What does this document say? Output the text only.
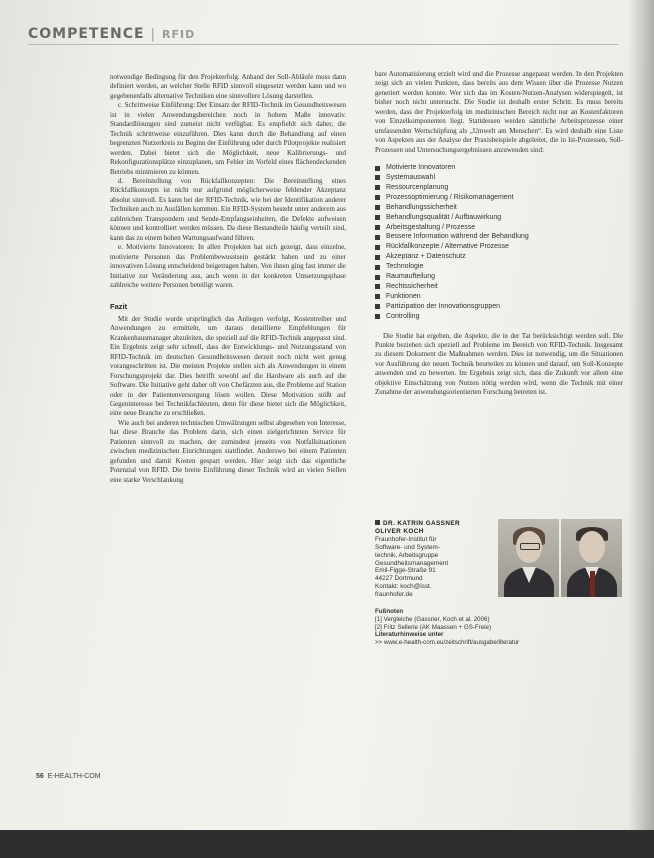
COMPETENCE | RFID

notwendige Bedingung für den Projekterfolg. Anhand der Soll-Abläufe muss dann definiert werden, an welcher Stelle RFID sinnvoll eingesetzt werden kann und wo gegebenenfalls alternative Techniken eine sinnvollere Lösung darstellen.

c. Schrittweise Einführung: Der Einsatz der RFID-Technik im Gesundheitswesen ist in vielen Anwendungsbereichen noch in hohem Maße innovativ. Standardlösungen sind zumeist nicht verfügbar. Es empfiehlt sich daher, die Technik schrittweise einzuführen. Dies kann durch die Behandlung auf einen begrenzten Nutzerkreis zu Beginn der Einführung oder durch Pilotprojekte realisiert werden. Dabei bietet sich die Möglichkeit, neue Kalibrierungs- und Rekonfigurationsplätze einzuplanen, um Fehler im Vorfeld eines flächendeckenden Betriebs minimieren zu können.

d. Bereitstellung von Rückfallkonzepten: Die Bereitstellung eines Rückfallkonzepts ist nicht nur aufgrund möglicherweise fehlender Akzeptanz absolut sinnvoll. Es kann bei der RFID-Technik, wie bei der Identifikation anderer Techniken auch zu Ausfällen kommen. Ein RFID-System besteht unter anderem aus zahlreichen Transpondern und Sende-Empfangseinheiten, die Defekte aufweisen können und kontrolliert werden müssen. Da diese Bestandteile häufig verteilt sind, kann das zu einem hohen Wartungsaufwand führen.

e. Motivierte Innovatoren: In allen Projekten hat sich gezeigt, dass einzelne, motivierte Personen das Problembewusstsein gestärkt haben und zu einer innovativen Lösung entscheidend beigetragen haben. Von ihnen ging fast immer die Initiative zur Veränderung aus, auch wenn in der konkreten Umsetzungsphase zahlreiche weitere Personen beteiligt waren.

Fazit

Mit der Studie wurde ursprünglich das Anliegen verfolgt, Kostentreiber und Anwendungen zu ermitteln, um daraus detaillierte Empfehlungen für Krankenhausmanager abzuleiten, die speziell auf die RFID-Technik angepasst sind. Ein Ergebnis zeigt sehr schnell, dass der Entwicklungs- und Nutzungsstand von RFID-Technik im deutschen Gesundheitswesen derzeit noch nicht weit genug vorangeschritten ist. Die meisten Projekte stellen sich als Anwendungen in einem Forschungsprojekt dar. Dies betrifft sowohl auf die Hardware als auch auf die Software. Die Initiative geht daher oft von Chefärzten aus, die Probleme auf Station oder in der Patientenversorgung lösen wollen. Diese Motivation stößt auf Gegeninteresse bei Technikfachleuten, denn für diese bietet sich die Möglichkeit, eine neue Branche zu erschließen.

Wie auch bei anderen technischen Umwälzungen selbst abgesehen von Interesse, hat diese Branche das Problem darin, sich einen zielgerichteten Service für Patienten sinnvoll zu machen, der zumindest jenseits von Notfallsituationen zwischen medizinischen Einrichtungen stattfindet. Anderswo bei einem Patienten gefunden und damit Kosten gespart werden. Hier zeigt sich das eigentliche Potenzial von RFID. Die breite Einführung dieser Technik wird an vielen Stellen eine starke Verschlankung

bare Automatisierung erzielt wird und die Prozesse angepasst werden. In den Projekten zeigt sich an vielen Punkten, dass bereits aus dem Wissen über die Prozesse Nutzen generiert werden konnte. Wer sich das im Kosten-Nutzen-Analysen widerspiegelt, ist bisher noch nicht untersucht. Die Studie ist deshalb erster Schritt. Es muss bereits werden, dass der Projekterfolg im medizinischen Bereich nicht nur an Kostenfaktoren von Einzelkomponenten liegt. Stattdessen werden sämtliche Arbeitsprozesse einer umfassenden Wertschöpfung als „Umwelt am Menschen“. Es wird deshalb eine Liste von Aspekten aus der Analyse der Praxisbeispiele abgeleitet, die in Ist-Prozessen, Soll-Prozessen und Untersuchungsergebnissen anzuwenden sind:

Motivierte Innovatoren
Systemauswahl
Ressourcenplanung
Prozessoptimierung / Risikomanagement
Behandlungssicherheit
Behandlungsqualität / Aufbauwirkung
Arbeitsgestaltung / Prozesse
Bessere Information während der Behandlung
Rückfallkonzepte / Alternative Prozesse
Akzeptanz + Datenschutz
Technologie
Raumaufteilung
Rechtssicherheit
Funktionen
Partizipation der Innovationsgruppen
Controlling

Die Studie hat ergeben, die Aspekte, die in der Tat berücksichtigt werden soll. Die Punkte beziehen sich speziell auf Probleme im Bereich von RFID-Technik. Insgesamt zu diesem Dokument die Maßnahmen werden. Dies ist notwendig, um die Situationen vor Ausführung der neuen Technik beurteilen zu können und darauf, um Soll-Konzepte anwenden und zu bewerten. Im Ergebnis zeigt sich, dass die Zukunft vor allem eine objektive Einschätzung von Nutzen nötig werden wird, wenn die Technik mit einer Zunahme der anwendungsorientierten Forschung betreten ist.

DR. KATRIN GASSNER
OLIVER KOCH
Fraunhofer-Institut für
Software- und System-
technik, Arbeitsgruppe
Gesundheitsmanagement
Emil-Figge-Straße 91
44227 Dortmund
Kontakt: koch@isst.
fraunhofer.de
Fußnoten
[1] Vergleiche (Gassner, Koch et al. 2006)
[2] Fritz Sellerie (AK Maassen + GS-Freie)
Literaturhinweise unter
>> www.e-health-com.eu/zeitschrift/ausgabe/literatur
56 E-HEALTH-COM
